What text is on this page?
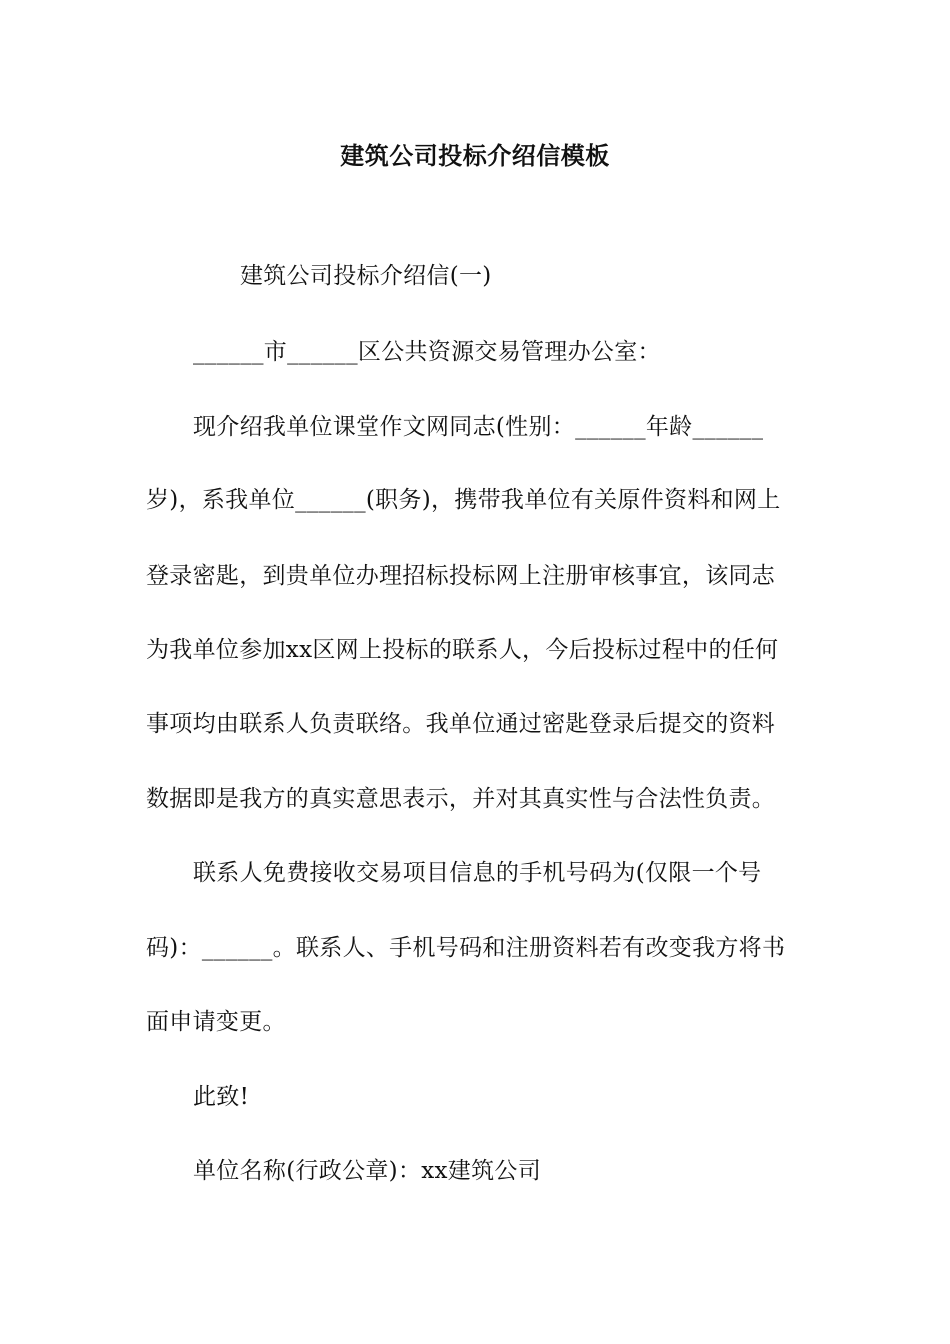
建筑公司投标介绍信模板
建筑公司投标介绍信(一)
______市______区公共资源交易管理办公室：
现介绍我单位课堂作文网同志(性别：______年龄______
岁)，系我单位______(职务)，携带我单位有关原件资料和网上
登录密匙，到贵单位办理招标投标网上注册审核事宜，该同志
为我单位参加xx区网上投标的联系人，今后投标过程中的任何
事项均由联系人负责联络。我单位通过密匙登录后提交的资料
数据即是我方的真实意思表示，并对其真实性与合法性负责。
联系人免费接收交易项目信息的手机号码为(仅限一个号
码)：______。联系人、手机号码和注册资料若有改变我方将书
面申请变更。
此致!
单位名称(行政公章)：xx建筑公司
